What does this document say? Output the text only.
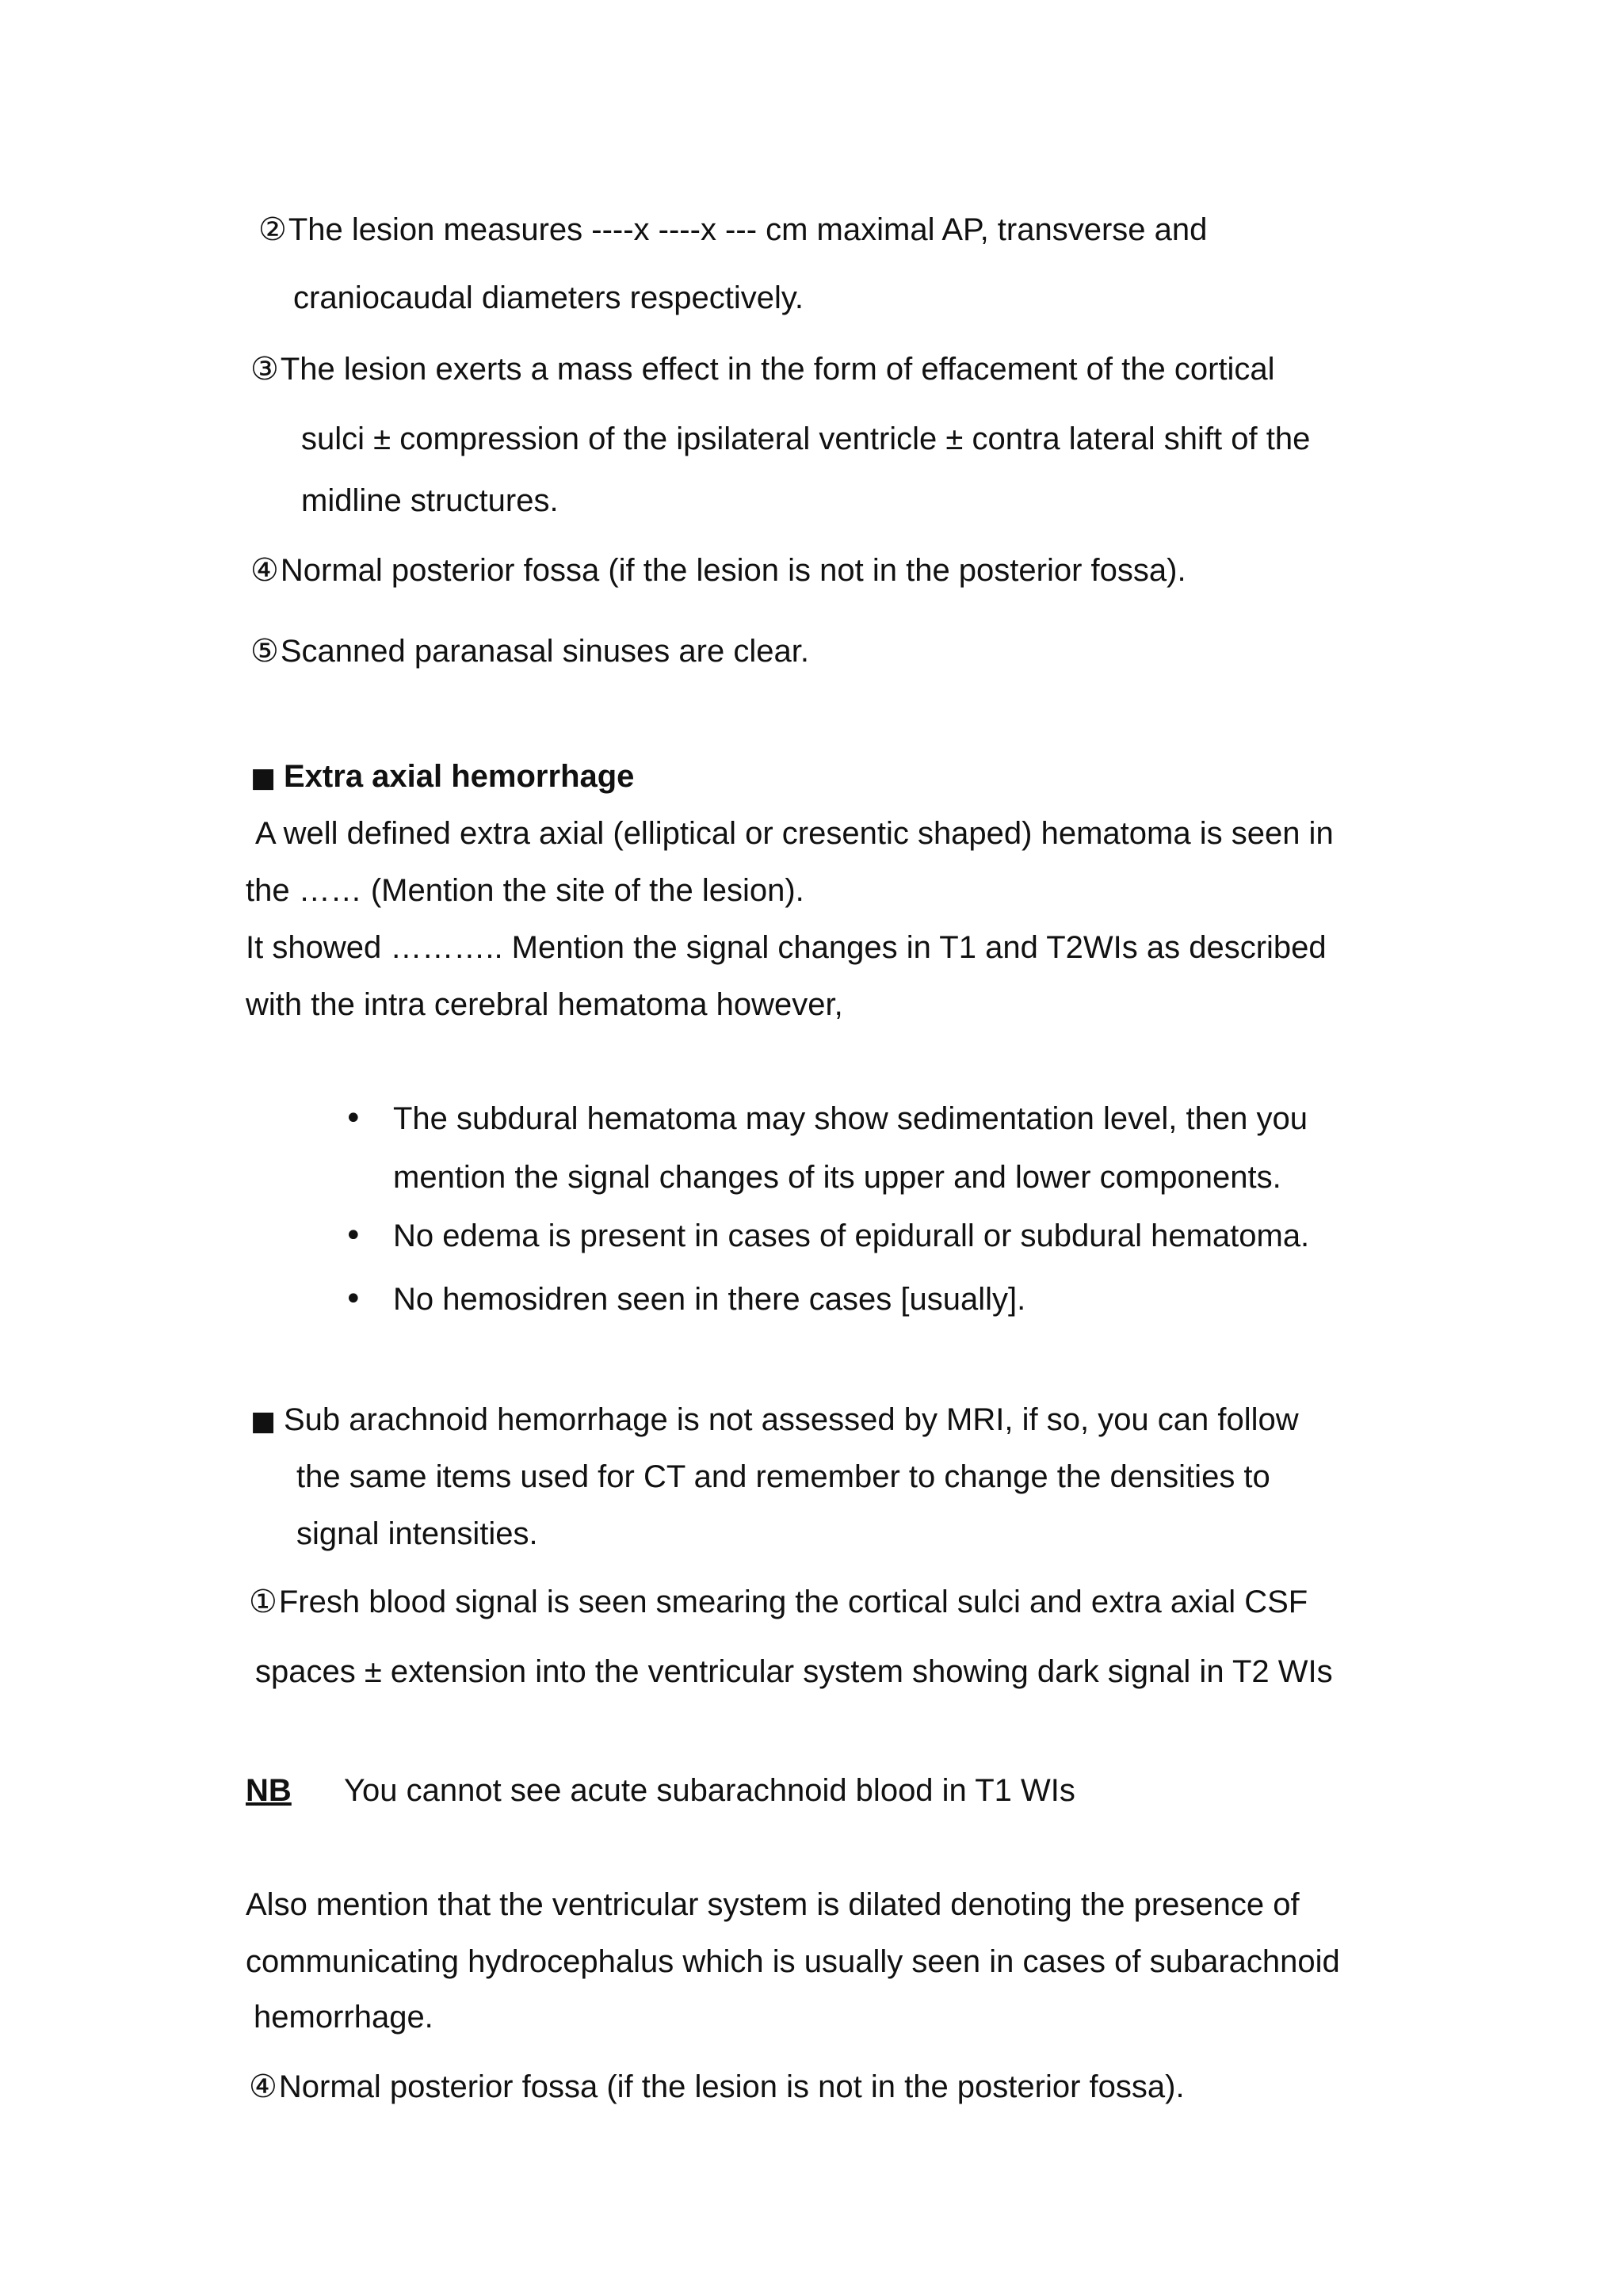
②The lesion measures ----x ----x --- cm maximal AP, transverse and
craniocaudal diameters respectively.
③The lesion exerts a mass effect in the form of effacement of the cortical
sulci ± compression of the ipsilateral ventricle ± contra lateral shift of the
midline structures.
④Normal posterior fossa (if the lesion is not in the posterior fossa).
⑤Scanned paranasal sinuses are clear.
■ Extra axial hemorrhage
A well defined extra axial (elliptical or cresentic shaped) hematoma is seen in
the …… (Mention the site of the lesion).
It showed ……….. Mention the signal changes in T1 and T2WIs as described
with the intra cerebral hematoma however,
• The subdural hematoma may show sedimentation level, then you
mention the signal changes of its upper and lower components.
• No edema is present in cases of epidurall or subdural hematoma.
• No hemosidren seen in there cases [usually].
■ Sub arachnoid hemorrhage is not assessed by MRI, if so, you can follow
the same items used for CT and remember to change the densities to
signal intensities.
①Fresh blood signal is seen smearing the cortical sulci and extra axial CSF
spaces ± extension into the ventricular system showing dark signal in T2 WIs
NB You cannot see acute subarachnoid blood in T1 WIs
Also mention that the ventricular system is dilated denoting the presence of
communicating hydrocephalus which is usually seen in cases of subarachnoid
hemorrhage.
④Normal posterior fossa (if the lesion is not in the posterior fossa).
